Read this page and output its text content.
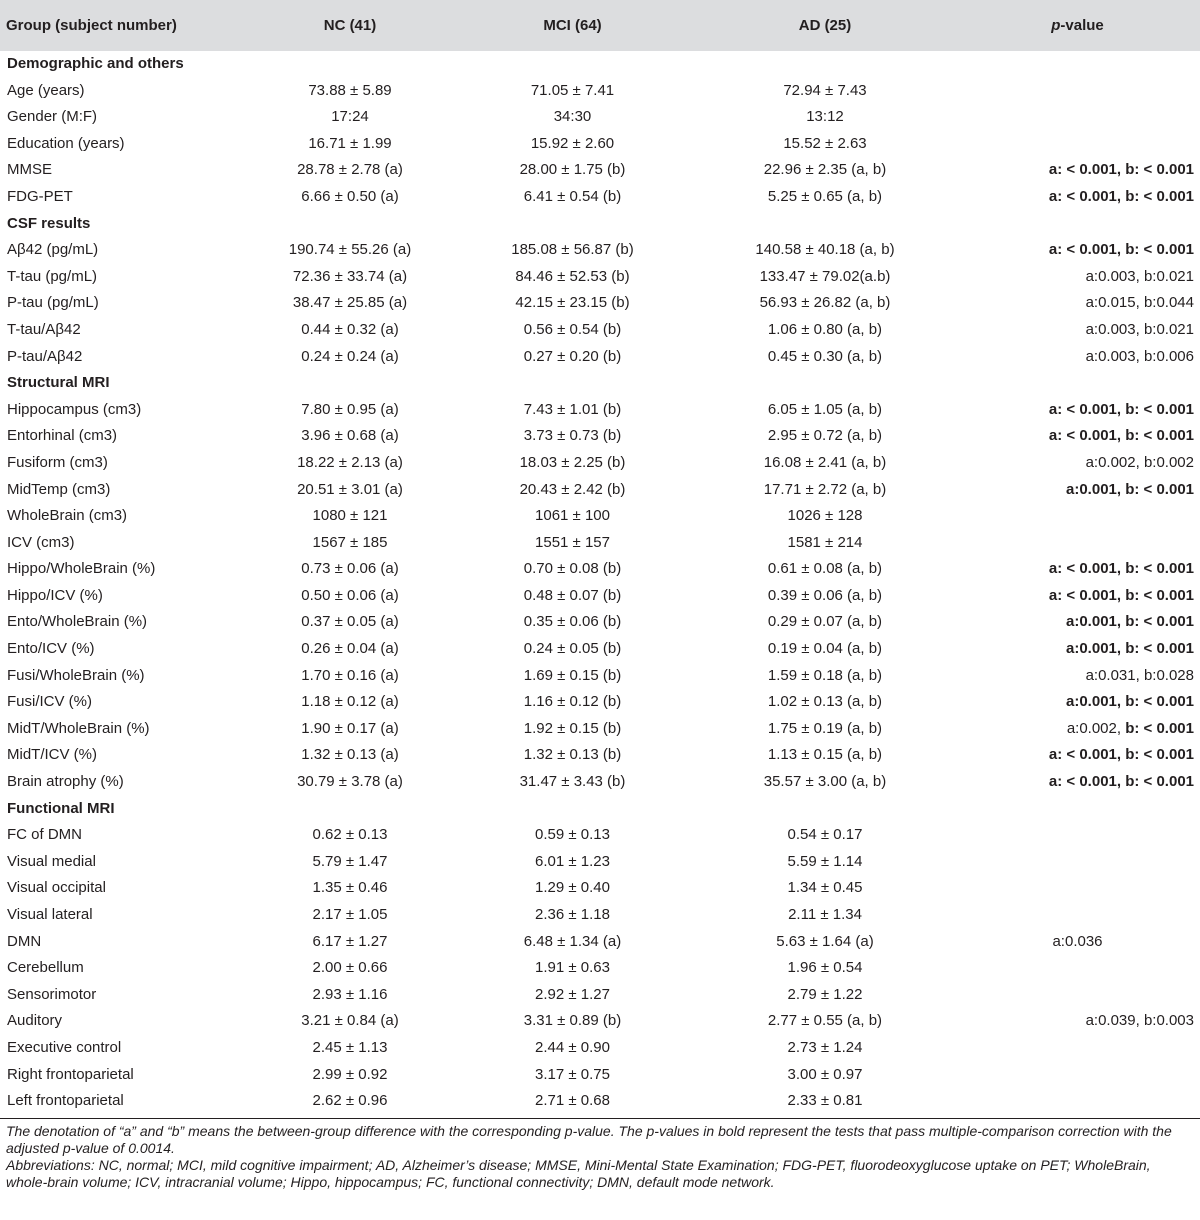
Group (subject number)	NC (41)	MCI (64)	AD (25)	p-value
Demographic and others				
Age (years)	73.88 ± 5.89	71.05 ± 7.41	72.94 ± 7.43	
Gender (M:F)	17:24	34:30	13:12	
Education (years)	16.71 ± 1.99	15.92 ± 2.60	15.52 ± 2.63	
MMSE	28.78 ± 2.78 (a)	28.00 ± 1.75 (b)	22.96 ± 2.35 (a, b)	a: < 0.001, b: < 0.001
FDG-PET	6.66 ± 0.50 (a)	6.41 ± 0.54 (b)	5.25 ± 0.65 (a, b)	a: < 0.001, b: < 0.001
CSF results				
Aβ42 (pg/mL)	190.74 ± 55.26 (a)	185.08 ± 56.87 (b)	140.58 ± 40.18 (a, b)	a: < 0.001, b: < 0.001
T-tau (pg/mL)	72.36 ± 33.74 (a)	84.46 ± 52.53 (b)	133.47 ± 79.02(a.b)	a:0.003, b:0.021
P-tau (pg/mL)	38.47 ± 25.85 (a)	42.15 ± 23.15 (b)	56.93 ± 26.82 (a, b)	a:0.015, b:0.044
T-tau/Aβ42	0.44 ± 0.32 (a)	0.56 ± 0.54 (b)	1.06 ± 0.80 (a, b)	a:0.003, b:0.021
P-tau/Aβ42	0.24 ± 0.24 (a)	0.27 ± 0.20 (b)	0.45 ± 0.30 (a, b)	a:0.003, b:0.006
Structural MRI				
Hippocampus (cm3)	7.80 ± 0.95 (a)	7.43 ± 1.01 (b)	6.05 ± 1.05 (a, b)	a: < 0.001, b: < 0.001
Entorhinal (cm3)	3.96 ± 0.68 (a)	3.73 ± 0.73 (b)	2.95 ± 0.72 (a, b)	a: < 0.001, b: < 0.001
Fusiform (cm3)	18.22 ± 2.13 (a)	18.03 ± 2.25 (b)	16.08 ± 2.41 (a, b)	a:0.002, b:0.002
MidTemp (cm3)	20.51 ± 3.01 (a)	20.43 ± 2.42 (b)	17.71 ± 2.72 (a, b)	a:0.001, b: < 0.001
WholeBrain (cm3)	1080 ± 121	1061 ± 100	1026 ± 128	
ICV (cm3)	1567 ± 185	1551 ± 157	1581 ± 214	
Hippo/WholeBrain (%)	0.73 ± 0.06 (a)	0.70 ± 0.08 (b)	0.61 ± 0.08 (a, b)	a: < 0.001, b: < 0.001
Hippo/ICV (%)	0.50 ± 0.06 (a)	0.48 ± 0.07 (b)	0.39 ± 0.06 (a, b)	a: < 0.001, b: < 0.001
Ento/WholeBrain (%)	0.37 ± 0.05 (a)	0.35 ± 0.06 (b)	0.29 ± 0.07 (a, b)	a:0.001, b: < 0.001
Ento/ICV (%)	0.26 ± 0.04 (a)	0.24 ± 0.05 (b)	0.19 ± 0.04 (a, b)	a:0.001, b: < 0.001
Fusi/WholeBrain (%)	1.70 ± 0.16 (a)	1.69 ± 0.15 (b)	1.59 ± 0.18 (a, b)	a:0.031, b:0.028
Fusi/ICV (%)	1.18 ± 0.12 (a)	1.16 ± 0.12 (b)	1.02 ± 0.13 (a, b)	a:0.001, b: < 0.001
MidT/WholeBrain (%)	1.90 ± 0.17 (a)	1.92 ± 0.15 (b)	1.75 ± 0.19 (a, b)	a:0.002, b: < 0.001
MidT/ICV (%)	1.32 ± 0.13 (a)	1.32 ± 0.13 (b)	1.13 ± 0.15 (a, b)	a: < 0.001, b: < 0.001
Brain atrophy (%)	30.79 ± 3.78 (a)	31.47 ± 3.43 (b)	35.57 ± 3.00 (a, b)	a: < 0.001, b: < 0.001
Functional MRI				
FC of DMN	0.62 ± 0.13	0.59 ± 0.13	0.54 ± 0.17	
Visual medial	5.79 ± 1.47	6.01 ± 1.23	5.59 ± 1.14	
Visual occipital	1.35 ± 0.46	1.29 ± 0.40	1.34 ± 0.45	
Visual lateral	2.17 ± 1.05	2.36 ± 1.18	2.11 ± 1.34	
DMN	6.17 ± 1.27	6.48 ± 1.34 (a)	5.63 ± 1.64 (a)	a:0.036
Cerebellum	2.00 ± 0.66	1.91 ± 0.63	1.96 ± 0.54	
Sensorimotor	2.93 ± 1.16	2.92 ± 1.27	2.79 ± 1.22	
Auditory	3.21 ± 0.84 (a)	3.31 ± 0.89 (b)	2.77 ± 0.55 (a, b)	a:0.039, b:0.003
Executive control	2.45 ± 1.13	2.44 ± 0.90	2.73 ± 1.24	
Right frontoparietal	2.99 ± 0.92	3.17 ± 0.75	3.00 ± 0.97	
Left frontoparietal	2.62 ± 0.96	2.71 ± 0.68	2.33 ± 0.81	

The denotation of “a” and “b” means the between-group difference with the corresponding p-value. The p-values in bold represent the tests that pass multiple-comparison correction with the adjusted p-value of 0.0014.

Abbreviations: NC, normal; MCI, mild cognitive impairment; AD, Alzheimer’s disease; MMSE, Mini-Mental State Examination; FDG-PET, fluorodeoxyglucose uptake on PET; WholeBrain, whole-brain volume; ICV, intracranial volume; Hippo, hippocampus; FC, functional connectivity; DMN, default mode network.
